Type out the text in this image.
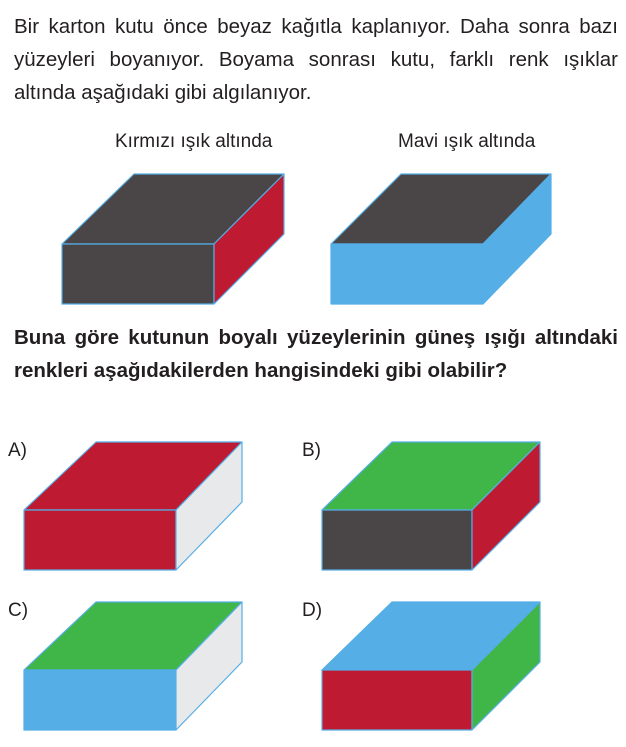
Bir karton kutu önce beyaz kağıtla kaplanıyor. Daha sonra bazı yüzeyleri boyanıyor. Boyama sonrası kutu, farklı renk ışıklar altında aşağıdaki gibi algılanıyor.

Kırmızı ışık altında	Mavi ışık altında

Buna göre kutunun boyalı yüzeylerinin güneş ışığı altındaki renkleri aşağıdakilerden hangisindeki gibi olabilir?

A)	B)
C)	D)
